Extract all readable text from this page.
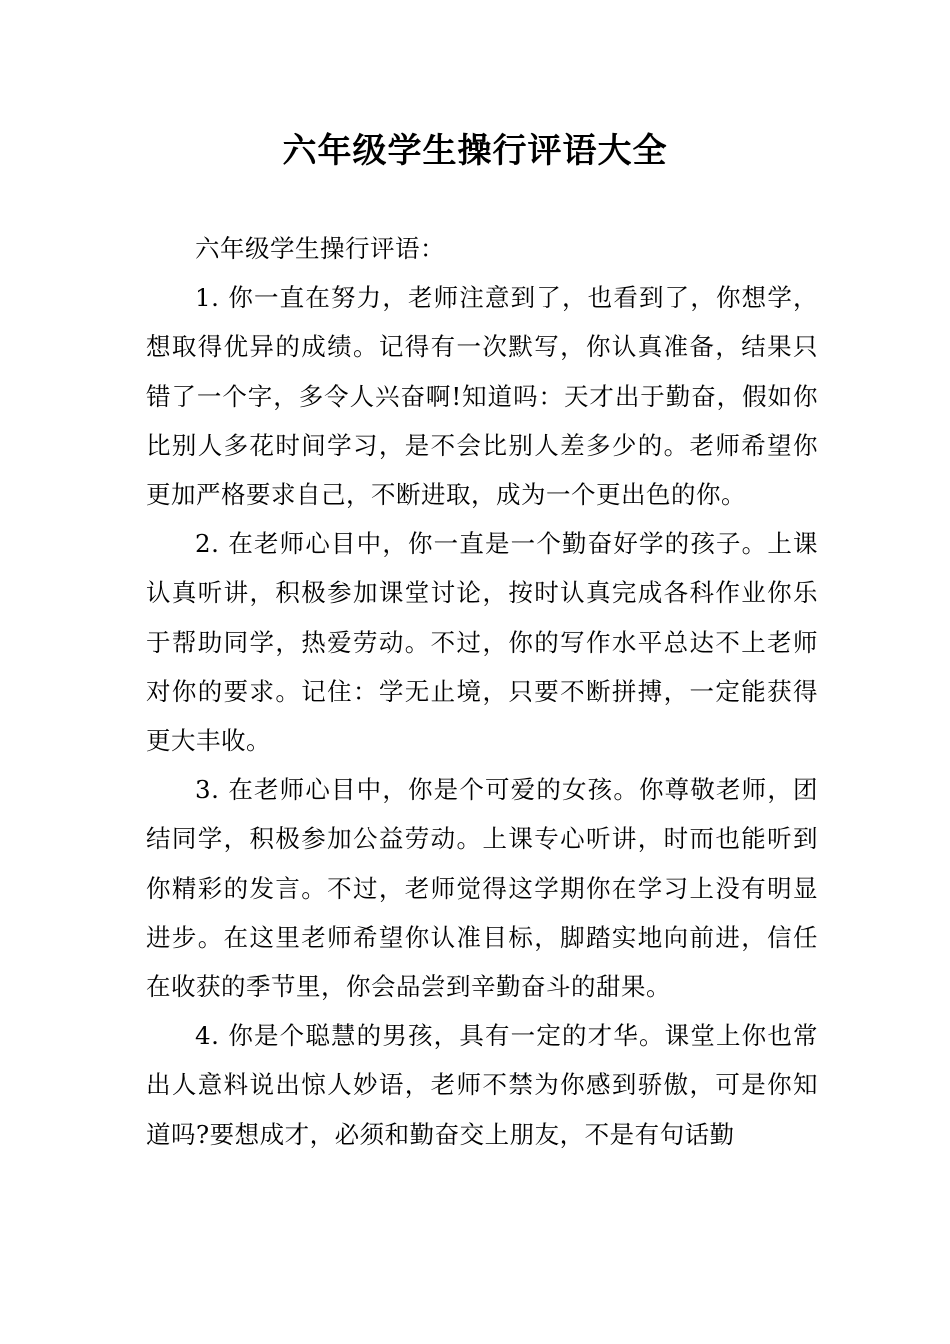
六年级学生操行评语大全

六年级学生操行评语：

1. 你一直在努力，老师注意到了，也看到了，你想学，想取得优异的成绩。记得有一次默写，你认真准备，结果只错了一个字，多令人兴奋啊!知道吗：天才出于勤奋，假如你比别人多花时间学习，是不会比别人差多少的。老师希望你更加严格要求自己，不断进取，成为一个更出色的你。

2. 在老师心目中，你一直是一个勤奋好学的孩子。上课认真听讲，积极参加课堂讨论，按时认真完成各科作业你乐于帮助同学，热爱劳动。不过，你的写作水平总达不上老师对你的要求。记住：学无止境，只要不断拼搏，一定能获得更大丰收。

3. 在老师心目中，你是个可爱的女孩。你尊敬老师，团结同学，积极参加公益劳动。上课专心听讲，时而也能听到你精彩的发言。不过，老师觉得这学期你在学习上没有明显进步。在这里老师希望你认准目标，脚踏实地向前进，信任在收获的季节里，你会品尝到辛勤奋斗的甜果。

4. 你是个聪慧的男孩，具有一定的才华。课堂上你也常出人意料说出惊人妙语，老师不禁为你感到骄傲，可是你知道吗?要想成才，必须和勤奋交上朋友，不是有句话勤
